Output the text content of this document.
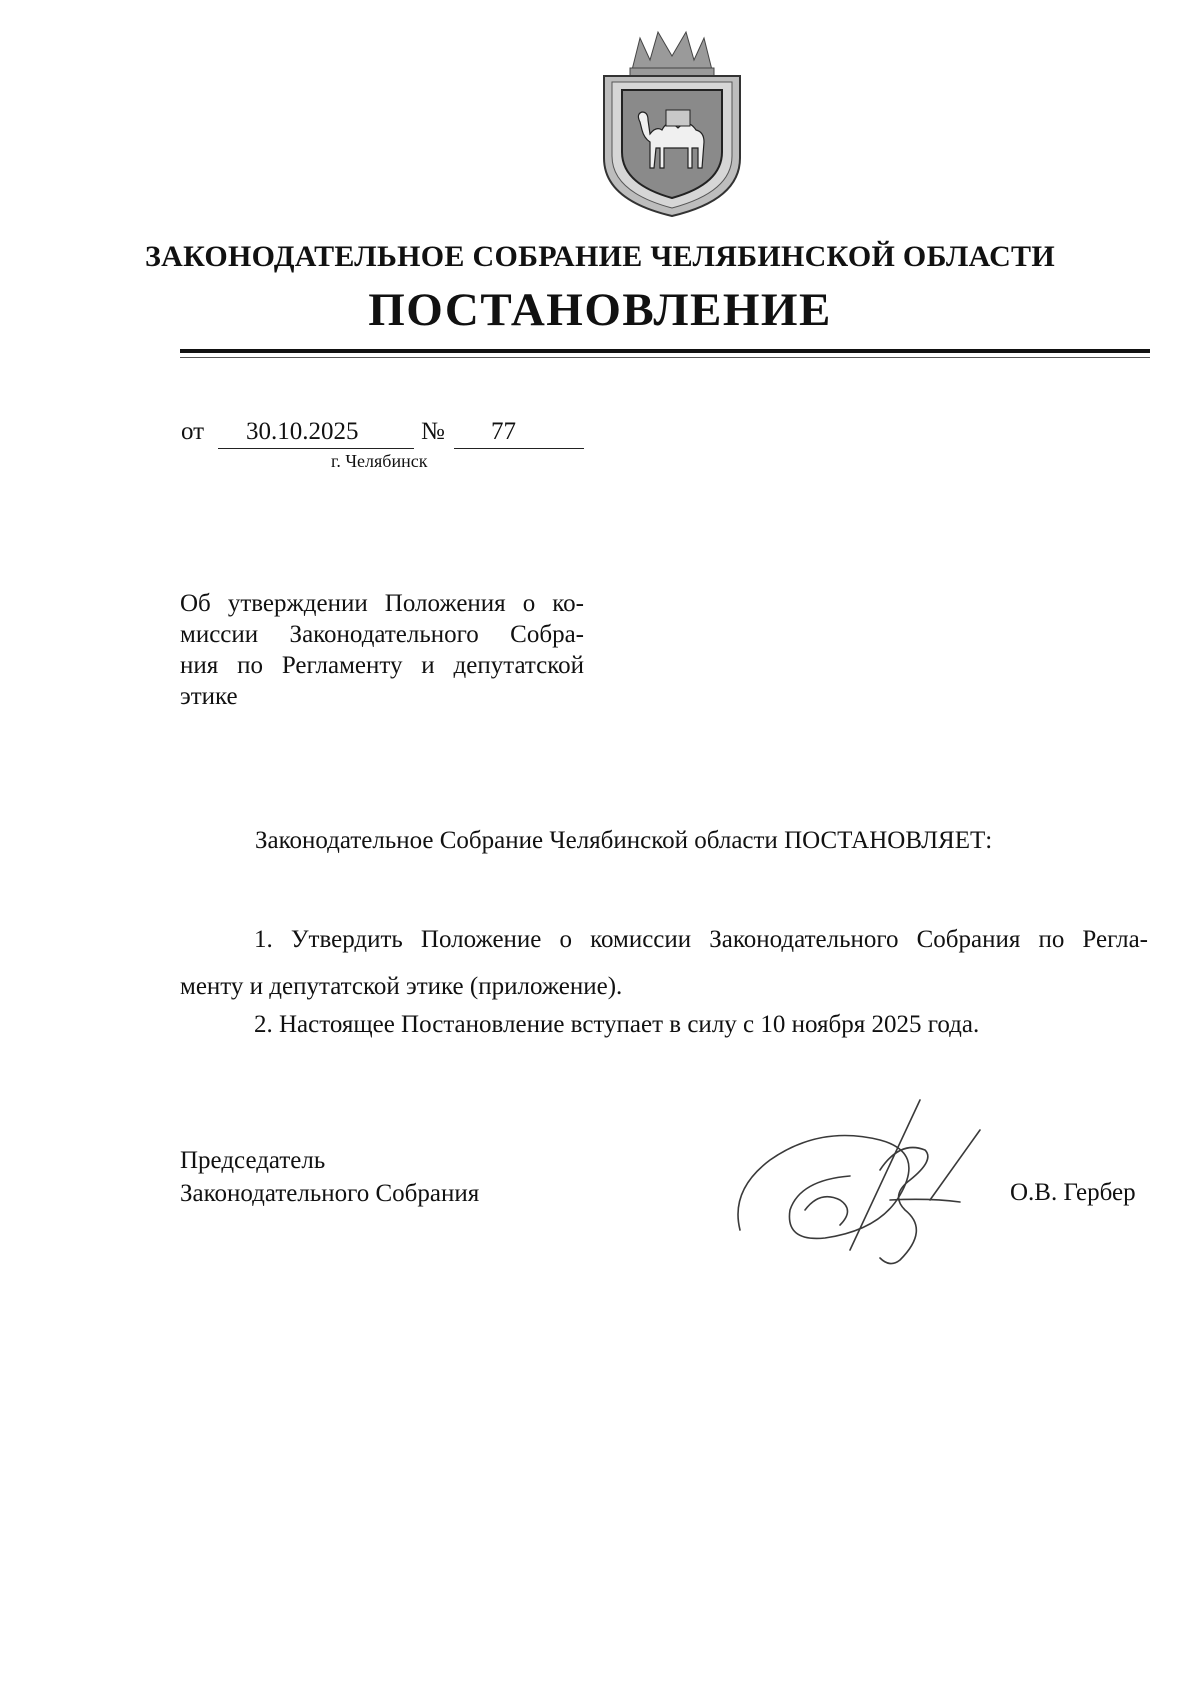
ЗАКОНОДАТЕЛЬНОЕ СОБРАНИЕ ЧЕЛЯБИНСКОЙ ОБЛАСТИ
ПОСТАНОВЛЕНИЕ
от 30.10.2025	№ 77
г. Челябинск
Об утверждении Положения о ко-
миссии Законодательного Собра-
ния по Регламенту и депутатской
этике
Законодательное Собрание Челябинской области ПОСТАНОВЛЯЕТ:
1. Утвердить Положение о комиссии Законодательного Собрания по Регла-
менту и депутатской этике (приложение).
2. Настоящее Постановление вступает в силу с 10 ноября 2025 года.
Председатель
Законодательного Собрания	О.В. Гербер
